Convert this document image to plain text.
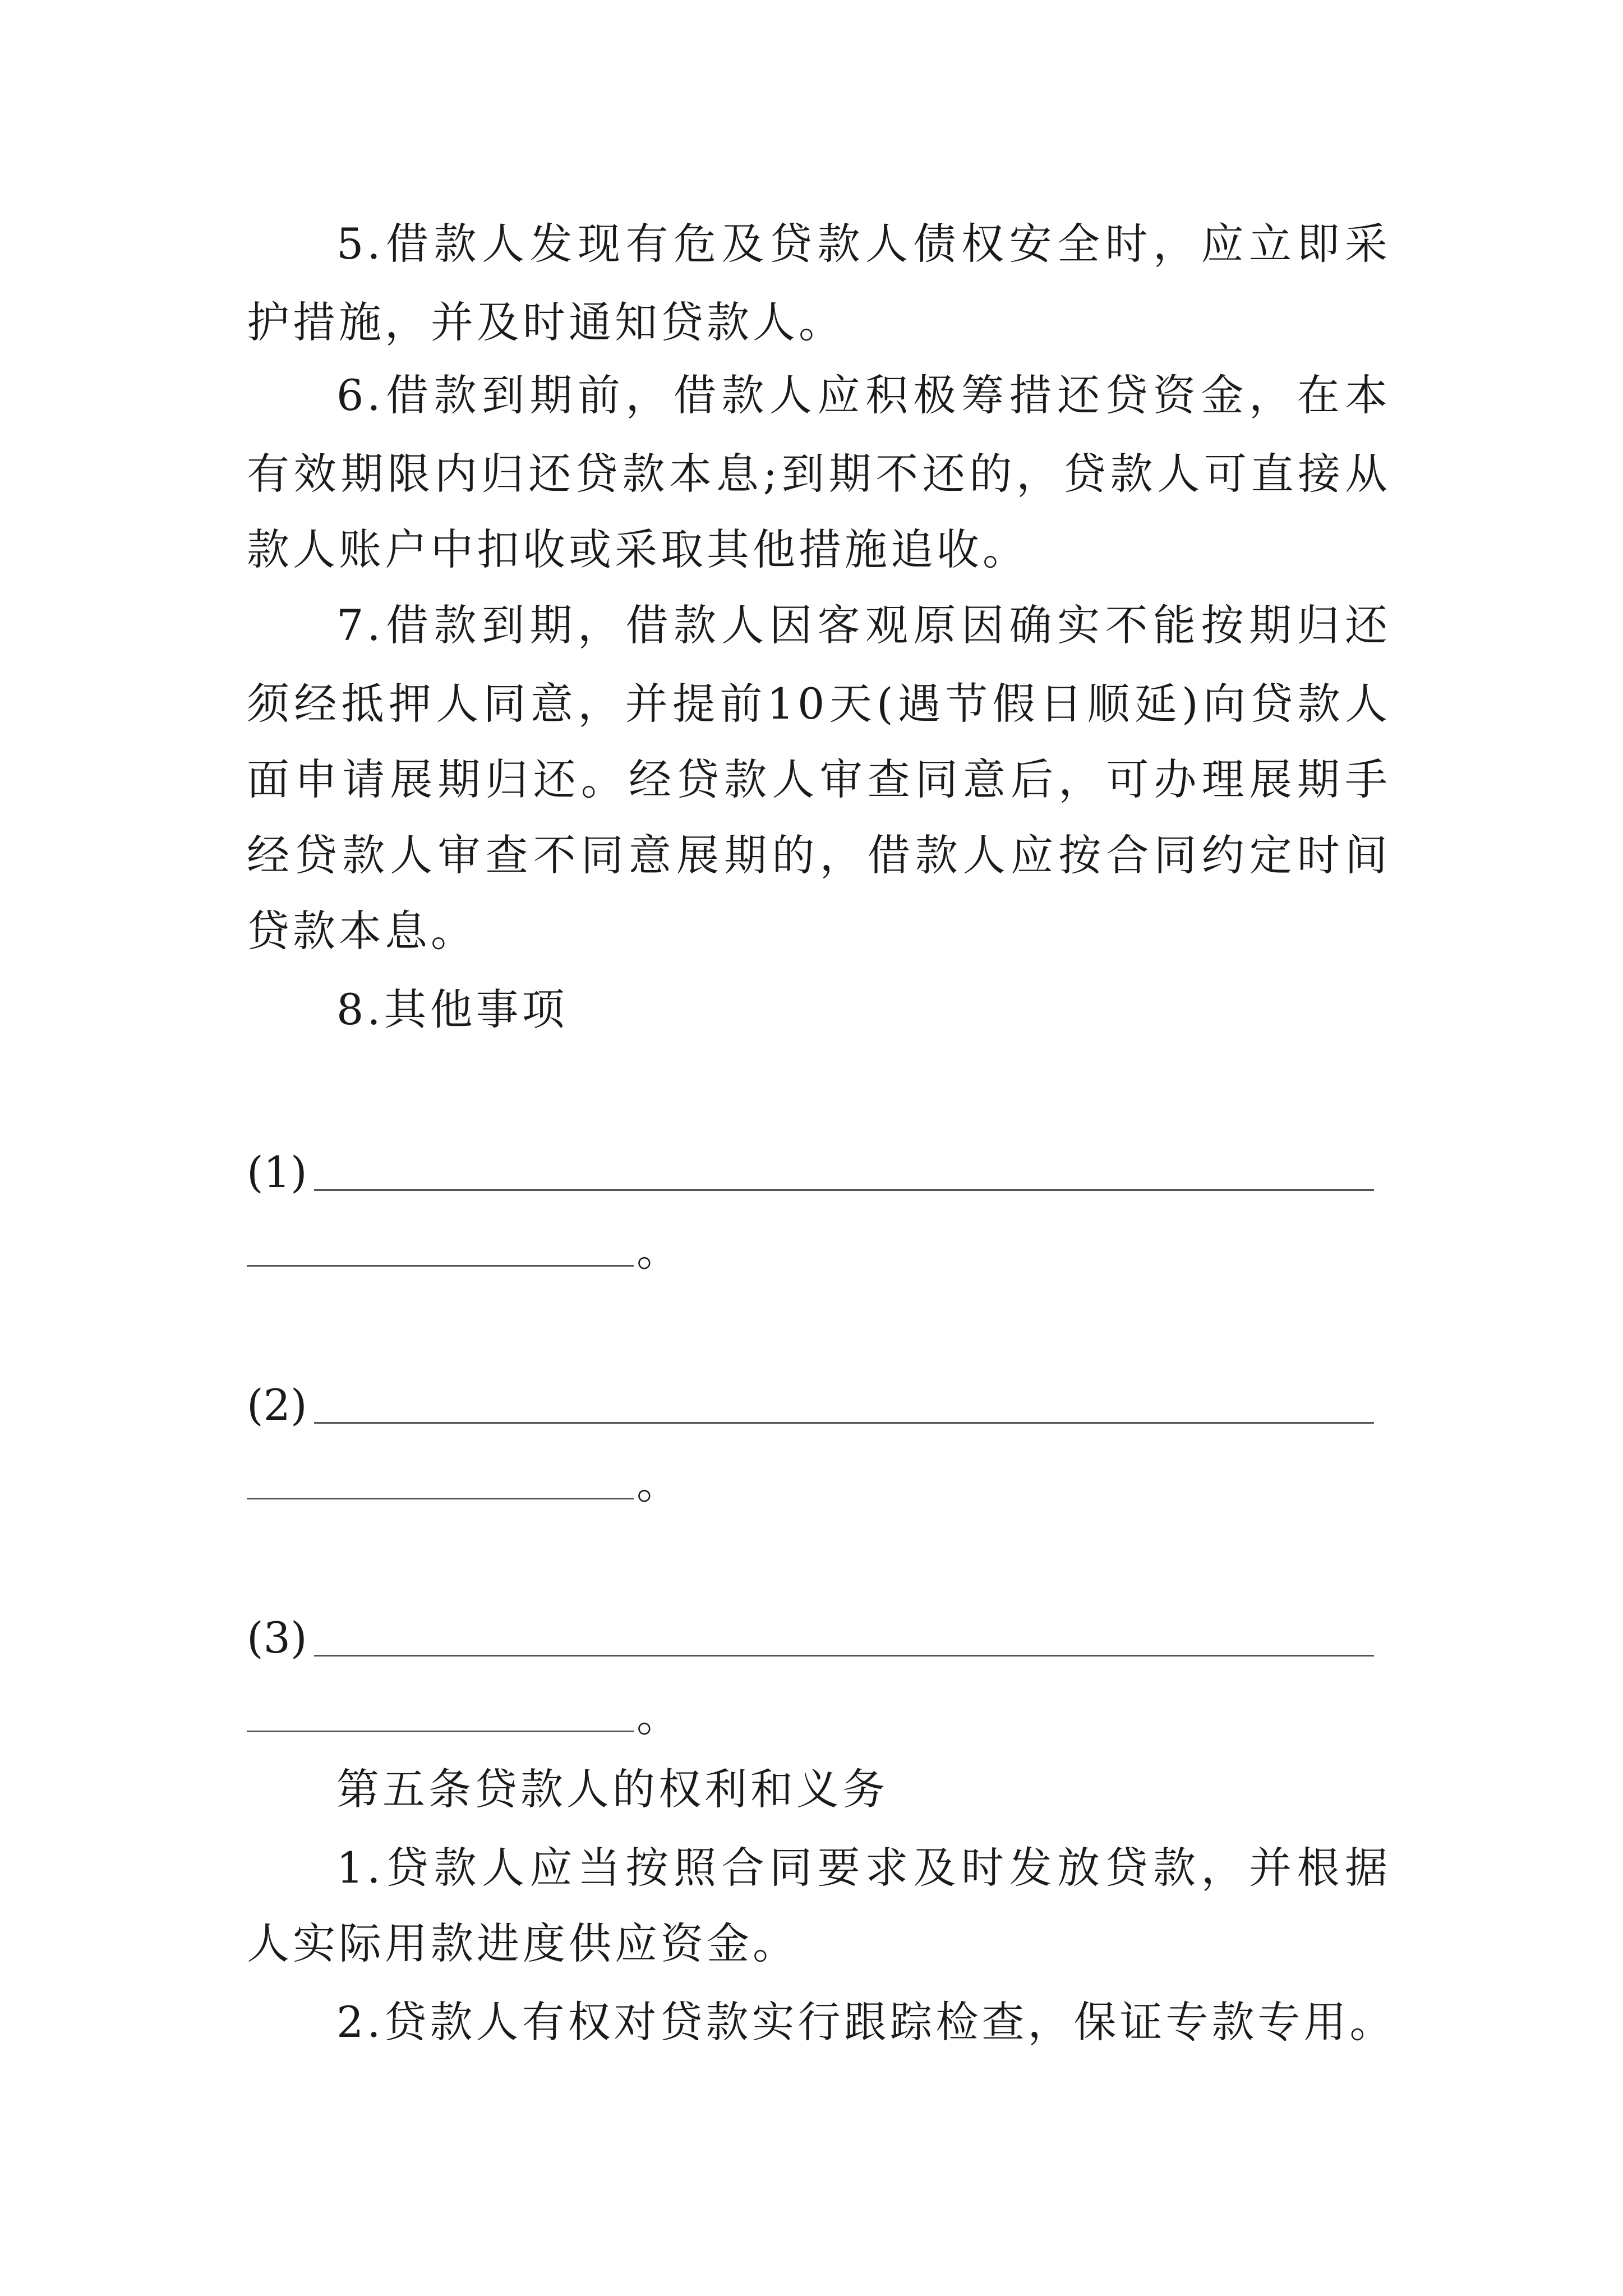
5.借款人发现有危及贷款人债权安全时，应立即采
护措施，并及时通知贷款人。
6.借款到期前，借款人应积极筹措还贷资金，在本
有效期限内归还贷款本息;到期不还的，贷款人可直接从
款人账户中扣收或采取其他措施追收。
7.借款到期，借款人因客观原因确实不能按期归还
须经抵押人同意，并提前10天(遇节假日顺延)向贷款人
面申请展期归还。经贷款人审查同意后，可办理展期手
经贷款人审查不同意展期的，借款人应按合同约定时间
贷款本息。
8.其他事项
(1)
。
(2)
。
(3)
。
第五条贷款人的权利和义务
1.贷款人应当按照合同要求及时发放贷款，并根据
人实际用款进度供应资金。
2.贷款人有权对贷款实行跟踪检查，保证专款专用。
